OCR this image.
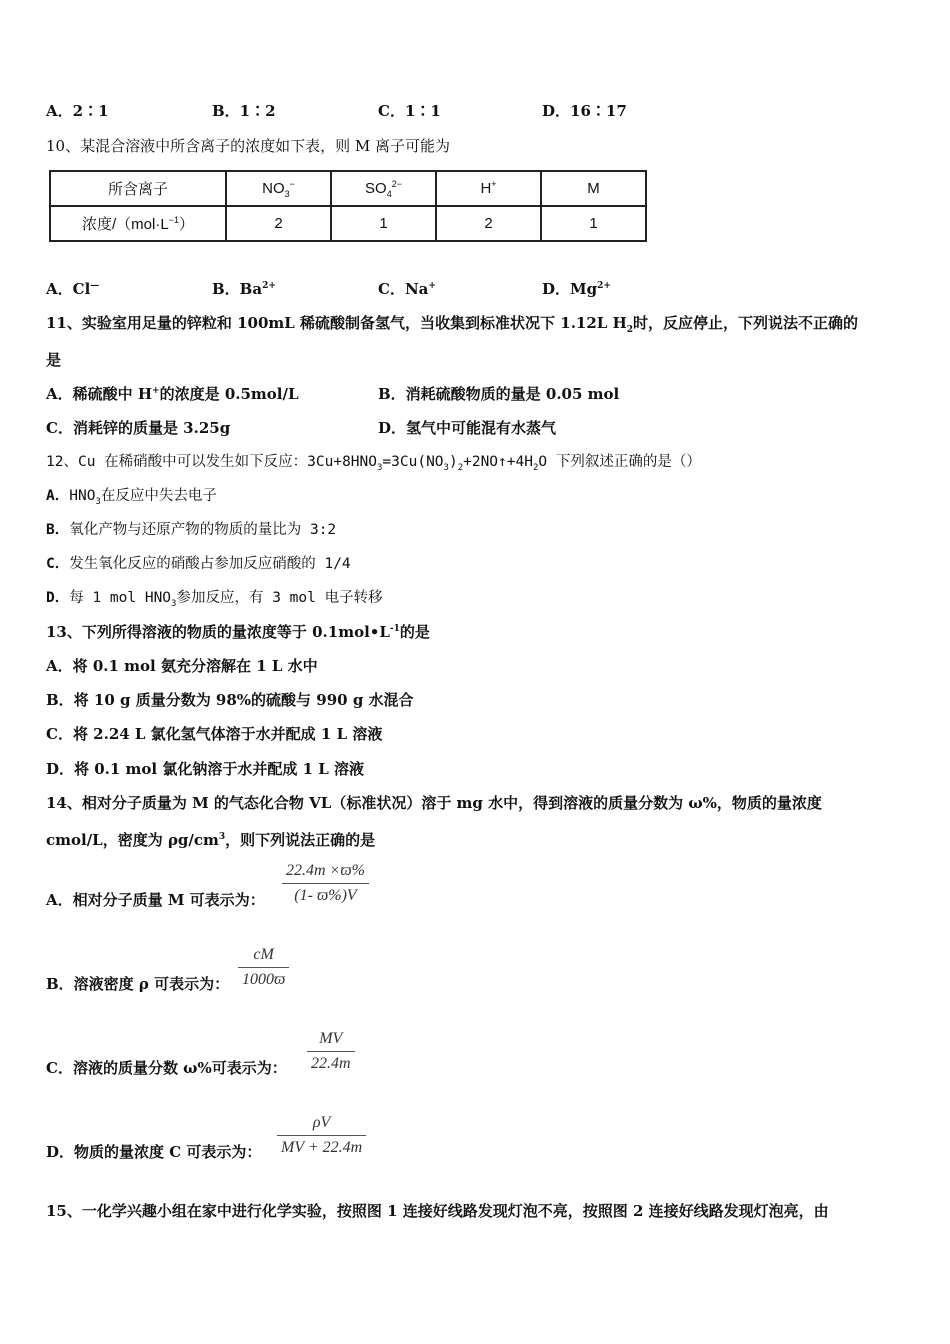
A．2∶1	B．1∶2	C．1∶1	D．16∶17
10、某混合溶液中所含离子的浓度如下表，则 M 离子可能为
所含离子	$NO_3^-$	$SO_4^{2-}$	H+	M
浓度$/(mol\cdot L^{-1})$	2	1	2	1
A．Cl—	B．$Ba^{2+}$	C．Na+	D．$Mg^{2+}$
11、实验室用足量的锌粒和 100mL 稀硫酸制备氢气，当收集到标准状况下 1.12L $H_2$时，反应停止，下列说法不正确的
是
A．稀硫酸中 H+的浓度是 0.5mol/L	B．消耗硫酸物质的量是 0.05 mol
C．消耗锌的质量是 3.25g	D．氢气中可能混有水蒸气
12、Cu 在稀硝酸中可以发生如下反应：$3Cu+8HNO_3=3Cu(NO_3)_2+2NO↑+4H_2O$ 下列叙述正确的是（）
A．$HNO_3$在反应中失去电子
B．氧化产物与还原产物的物质的量比为 3:2
C．发生氧化反应的硝酸占参加反应硝酸的 1/4
D．每 1 mol $HNO_3$参加反应，有 3 mol 电子转移
13、下列所得溶液的物质的量浓度等于 $0.1mol•L^{-1}$的是
A．将 0.1 mol 氨充分溶解在 1 L 水中
B．将 10 g 质量分数为 98%的硫酸与 990 g 水混合
C．将 2.24 L 氯化氢气体溶于水并配成 1 L 溶液
D．将 0.1 mol 氯化钠溶于水并配成 1 L 溶液
14、相对分子质量为 M 的气态化合物 VL（标准状况）溶于 mg 水中，得到溶液的质量分数为 ω%，物质的量浓度
cmol/L，密度为 $\rho g/cm^3$，则下列说法正确的是
A．相对分子质量 M 可表示为： $\frac{22.4m \times ϖ\%}{(1- ϖ\%)V}$
B．溶液密度 ρ 可表示为： $\frac{cM}{1000ϖ}$
C．溶液的质量分数 ω%可表示为： $\frac{MV}{22.4m}$
D．物质的量浓度 C 可表示为： $\frac{\rho V}{MV + 22.4m}$
15、一化学兴趣小组在家中进行化学实验，按照图 1 连接好线路发现灯泡不亮，按照图 2 连接好线路发现灯泡亮，由
